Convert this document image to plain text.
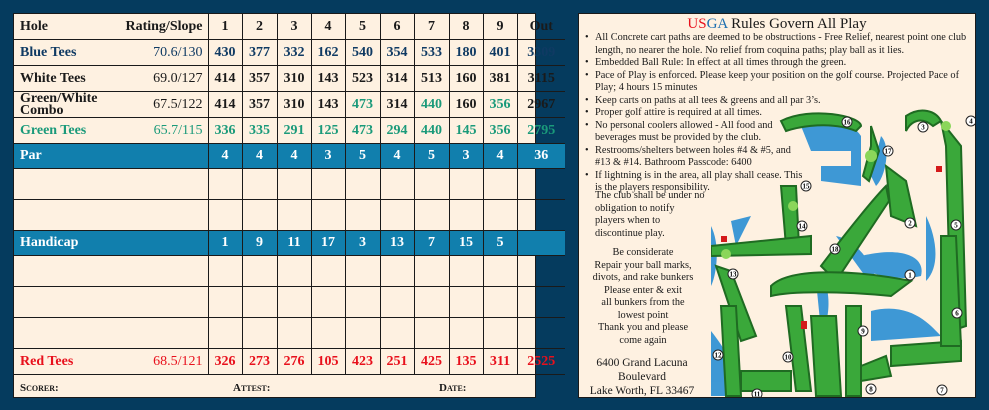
Hole	Rating/Slope	1	2	3	4	5	6	7	8	9	Out
Blue Tees	70.6/130	430	377	332	162	540	354	533	180	401	3309
White Tees	69.0/127	414	357	310	143	523	314	513	160	381	3115

Green/White
Combo	67.5/122	414	357	310	143	473	314	440	160	356	2967
Green Tees	65.7/115	336	335	291	125	473	294	440	145	356	2795
Par		4	4	4	3	5	4	5	3	4	36

Handicap		1	9	11	17	3	13	7	15	5	

Red Tees	68.5/121	326	273	276	105	423	251	425	135	311	2525
Scorer:	Attest:	Date:
USGA Rules Govern All Play
• All Concrete cart paths are deemed to be obstructions - Free Relief, nearest point one club length, no nearer the hole. No relief from coquina paths; play ball as it lies.
• Embedded Ball Rule: In effect at all times through the green.
• Pace of Play is enforced. Please keep your position on the golf course. Projected Pace of Play; 4 hours 15 minutes
• Keep carts on paths at all tees & greens and all par 3’s.
• Proper golf attire is required at all times.
• No personal coolers allowed - All food and beverages must be provided by the club.
• Restrooms/shelters between holes #4 & #5, and #13 & #14. Bathroom Passcode: 6400
• If lightning is in the area, all play shall cease. This is the players responsibility.
The club shall be under no obligation to notify players when to discontinue play.
Be considerate
Repair your ball marks,
divots, and rake bunkers
Please enter & exit
all bunkers from the
lowest point
Thank you and please
come again
6400 Grand Lacuna
Boulevard
Lake Worth, FL 33467
1
2
3
4
5
6
7
8
9
10
11
12
13
14
15
16
17
18
